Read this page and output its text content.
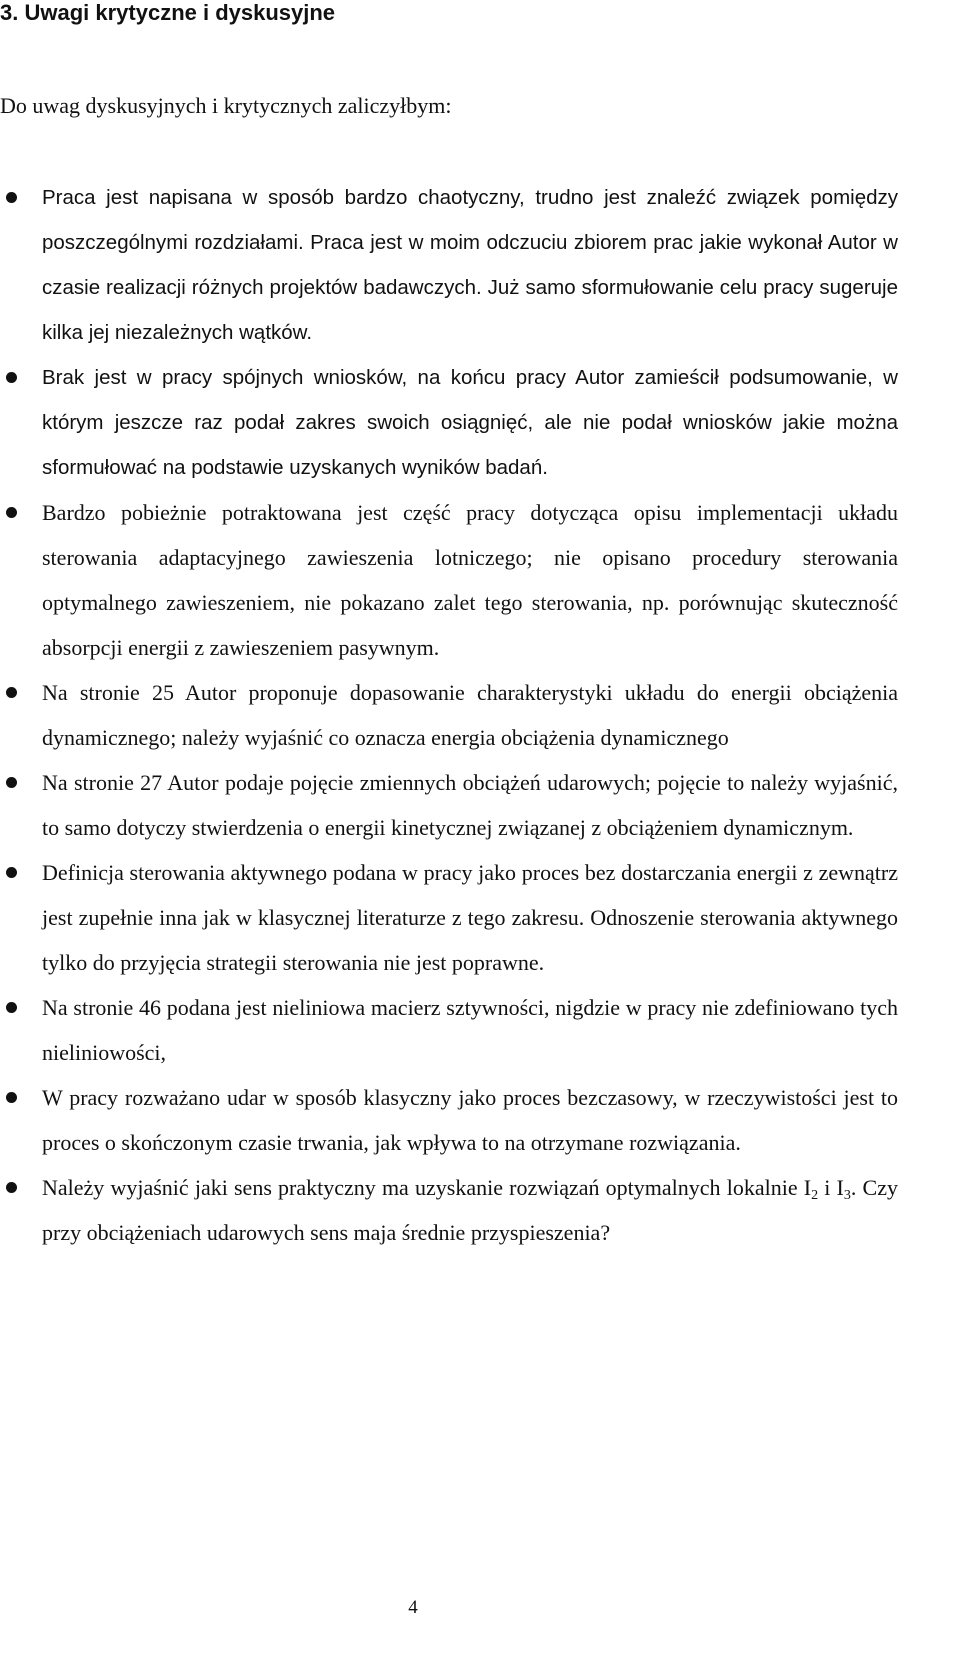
3. Uwagi krytyczne i dyskusyjne

Do uwag dyskusyjnych i krytycznych zaliczyłbym:

Praca jest napisana w sposób bardzo chaotyczny, trudno jest znaleźć związek pomiędzy poszczególnymi rozdziałami. Praca jest w moim odczuciu zbiorem prac jakie wykonał Autor w czasie realizacji różnych projektów badawczych. Już samo sformułowanie celu pracy sugeruje kilka jej niezależnych wątków.
Brak jest w pracy spójnych wniosków, na końcu pracy Autor zamieścił podsumowanie, w którym jeszcze raz podał zakres swoich osiągnięć, ale nie podał wniosków jakie można sformułować na podstawie uzyskanych wyników badań.
Bardzo pobieżnie potraktowana jest część pracy dotycząca opisu implementacji układu sterowania adaptacyjnego zawieszenia lotniczego; nie opisano procedury sterowania optymalnego zawieszeniem, nie pokazano zalet tego sterowania, np. porównując skuteczność absorpcji energii z zawieszeniem pasywnym.
Na stronie 25 Autor proponuje dopasowanie charakterystyki układu do energii obciążenia dynamicznego; należy wyjaśnić co oznacza energia obciążenia dynamicznego
Na stronie 27 Autor podaje pojęcie zmiennych obciążeń udarowych; pojęcie to należy wyjaśnić, to samo dotyczy stwierdzenia o energii kinetycznej związanej z obciążeniem dynamicznym.
Definicja sterowania aktywnego podana w pracy jako proces bez dostarczania energii z zewnątrz jest zupełnie inna jak w klasycznej literaturze z tego zakresu. Odnoszenie sterowania aktywnego tylko do przyjęcia strategii sterowania nie jest poprawne.
Na stronie 46 podana jest nieliniowa macierz sztywności, nigdzie w pracy nie zdefiniowano tych nieliniowości,
W pracy rozważano udar w sposób klasyczny jako proces bezczasowy, w rzeczywistości jest to proces o skończonym czasie trwania, jak wpływa to na otrzymane rozwiązania.
Należy wyjaśnić jaki sens praktyczny ma uzyskanie rozwiązań optymalnych lokalnie $I_2$ i $I_3$. Czy przy obciążeniach udarowych sens maja średnie przyspieszenia?
4
